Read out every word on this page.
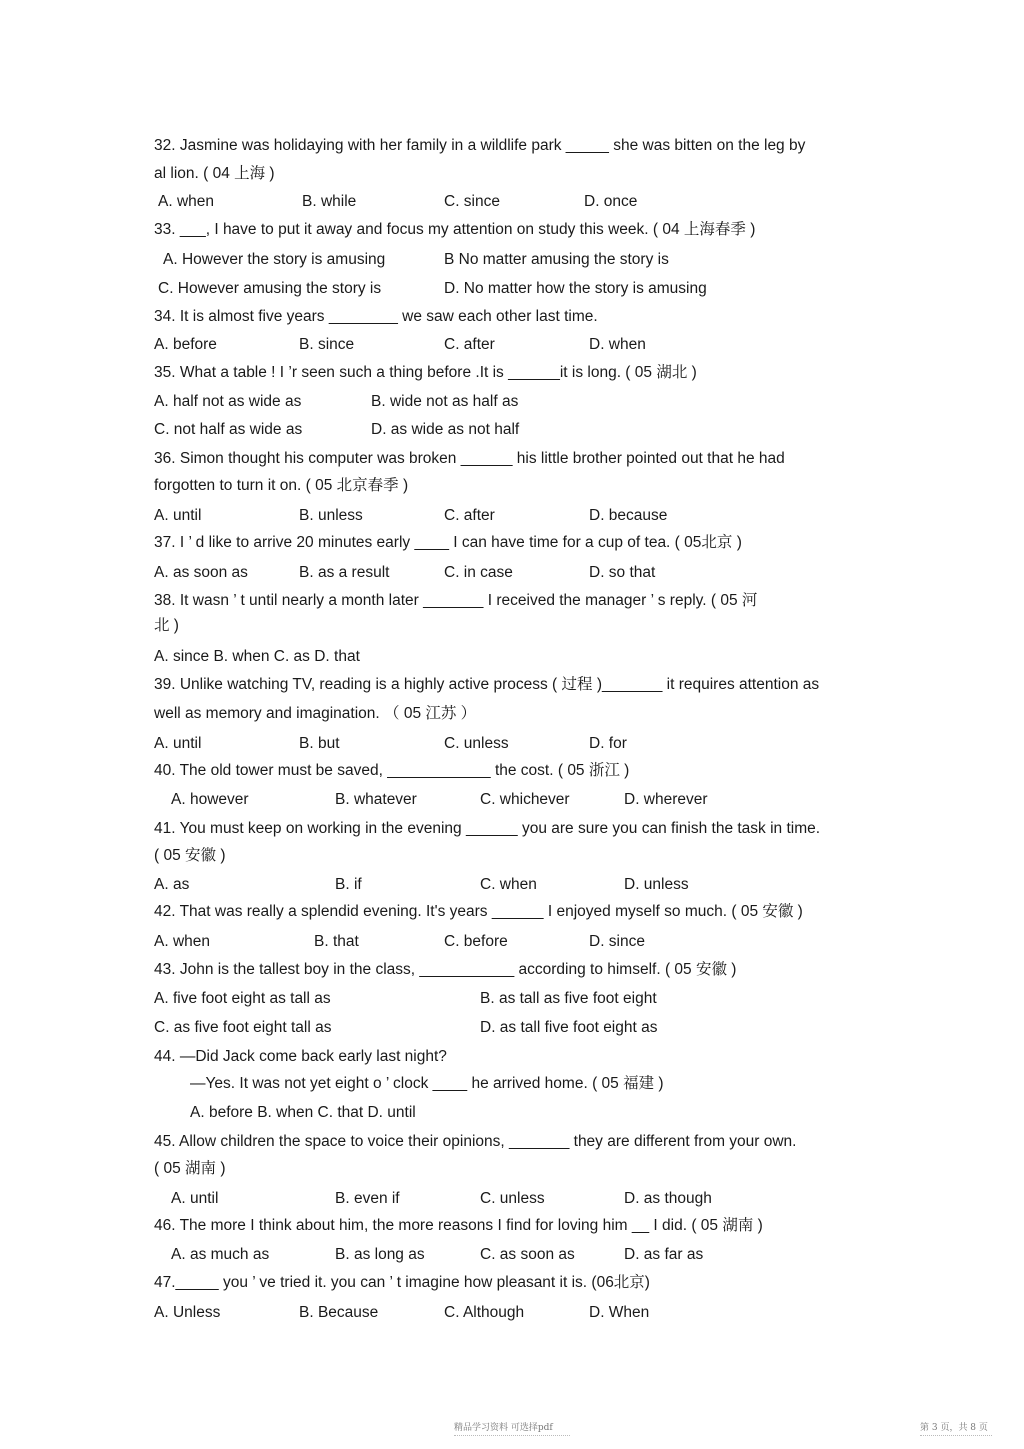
32. Jasmine was holidaying with her family in a wildlife park _____ she was bitten on the leg by
al lion. ( 04 上海 )
A. when	B. while	C. since	D. once
33. ___, I have to put it away and focus my attention on study this week. ( 04 上海春季 )
A. However the story is amusing	B No matter amusing the story is
C. However amusing the story is	D. No matter how the story is amusing
34. It is almost five years ________ we saw each other last time.
A. before	B. since	C. after	D. when
35. What a table ! I ’r seen such a thing before .It is ______it is long. ( 05 湖北 )
A. half not as wide as	B. wide not as half as
C. not half as wide as	D. as wide as not half
36. Simon thought his computer was broken ______ his little brother pointed out that he had
forgotten to turn it on. ( 05 北京春季 )
A. until	B. unless	C. after	D. because
37. I ’ d like to arrive 20 minutes early ____ I can have time for a cup of tea. ( 05北京 )
A. as soon as	B. as a result	C. in case	D. so that
38. It wasn ’ t until nearly a month later _______ I received the manager ’ s reply. ( 05 河
北 )
A. since B. when C. as D. that
39. Unlike watching TV, reading is a highly active process ( 过程 )_______ it requires attention as
well as memory and imagination. （ 05 江苏 ）
A. until	B. but	C. unless	D. for
40. The old tower must be saved, ____________ the cost. ( 05 浙江 )
A. however	B. whatever	C. whichever	D. wherever
41. You must keep on working in the evening ______ you are sure you can finish the task in time.
( 05 安徽 )
A. as	B. if	C. when	D. unless
42. That was really a splendid evening. It's years ______ I enjoyed myself so much. ( 05 安徽 )
A. when	B. that	C. before	D. since
43. John is the tallest boy in the class, ___________ according to himself. ( 05 安徽 )
A. five foot eight as tall as	B. as tall as five foot eight
C. as five foot eight tall as	D. as tall five foot eight as
44. —Did Jack come back early last night?
—Yes. It was not yet eight o ’ clock ____ he arrived home. ( 05 福建 )
A. before B. when C. that D. until
45. Allow children the space to voice their opinions, _______ they are different from your own.
( 05 湖南 )
A. until	B. even if	C. unless	D. as though
46. The more I think about him, the more reasons I find for loving him __ I did. ( 05 湖南 )
A. as much as	B. as long as	C. as soon as	D. as far as
47._____ you ’ ve tried it. you can ’ t imagine how pleasant it is. (06北京)
A. Unless	B. Because	C. Although	D. When
精品学习资料 可选择pdf	第 3 页，共 8 页
